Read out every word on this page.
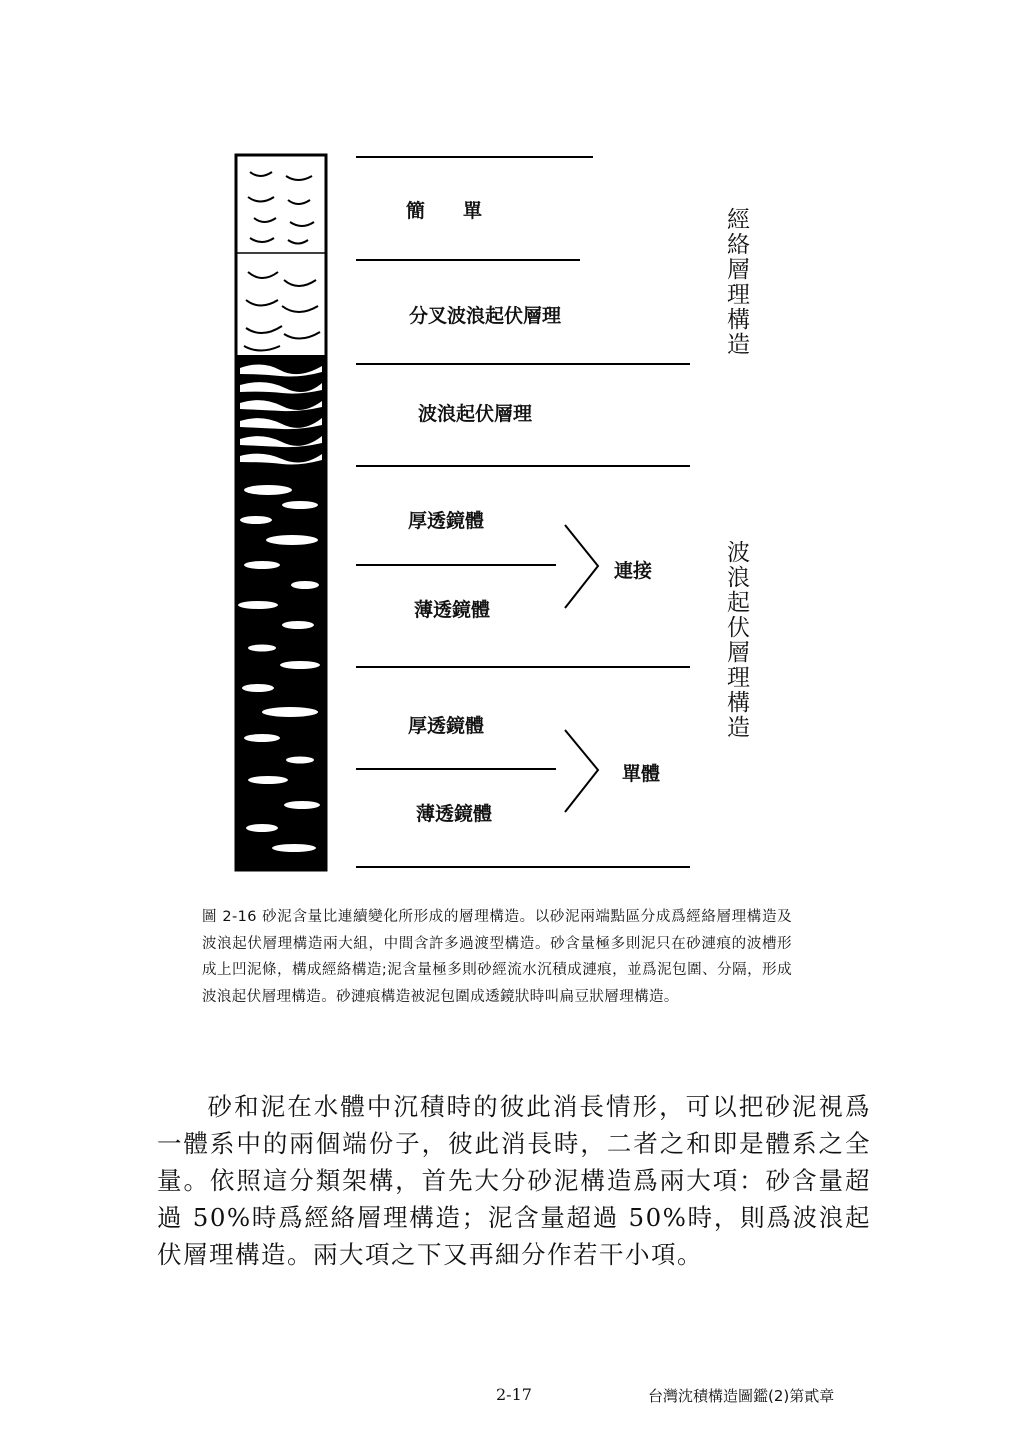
簡　　單
分叉波浪起伏層理
波浪起伏層理
厚透鏡體
薄透鏡體
連接
厚透鏡體
薄透鏡體
單體
經絡層理構造
波浪起伏層理構造
圖 2-16 砂泥含量比連續變化所形成的層理構造。以砂泥兩端點區分成爲經絡層理構造及波浪起伏層理構造兩大組，中間含許多過渡型構造。砂含量極多則泥只在砂漣痕的波槽形成上凹泥條，構成經絡構造;泥含量極多則砂經流水沉積成漣痕，並爲泥包圍、分隔，形成波浪起伏層理構造。砂漣痕構造被泥包圍成透鏡狀時叫扁豆狀層理構造。
砂和泥在水體中沉積時的彼此消長情形，可以把砂泥視爲一體系中的兩個端份子，彼此消長時，二者之和即是體系之全量。依照這分類架構，首先大分砂泥構造爲兩大項：砂含量超過 50%時爲經絡層理構造；泥含量超過 50%時，則爲波浪起伏層理構造。兩大項之下又再細分作若干小項。
2-17	台灣沈積構造圖鑑(2)第貳章
